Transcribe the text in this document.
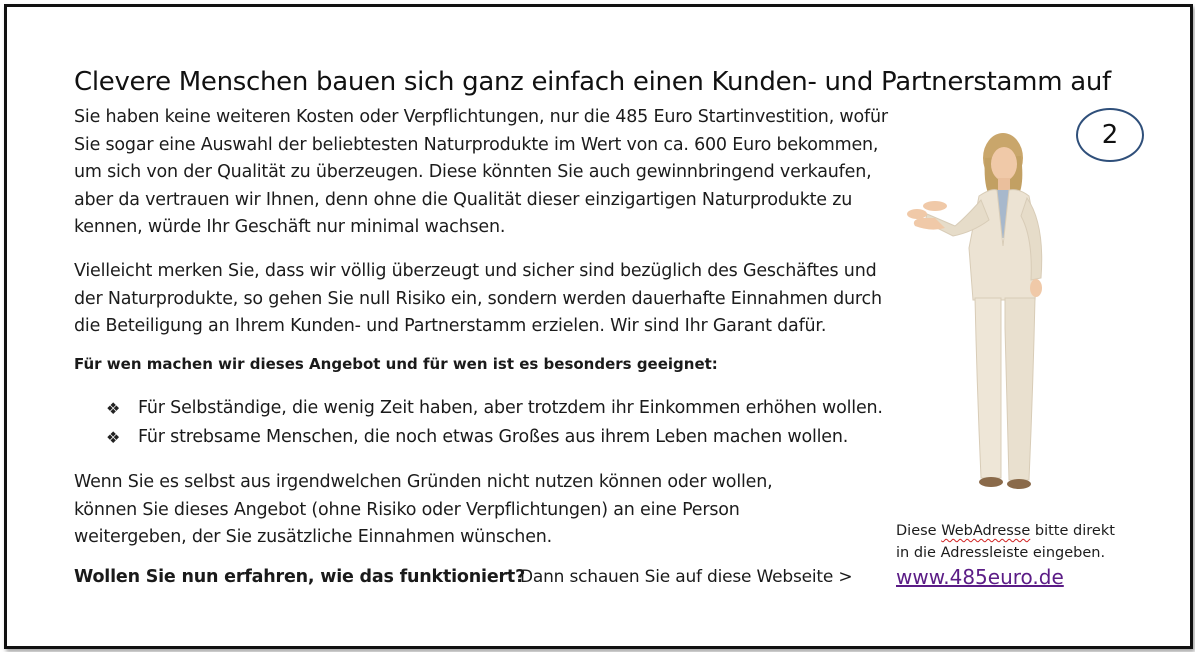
Clevere Menschen bauen sich ganz einfach einen Kunden- und Partnerstamm auf
Sie haben keine weiteren Kosten oder Verpflichtungen, nur die 485 Euro Startinvestition, wofür
Sie sogar eine Auswahl der beliebtesten Naturprodukte im Wert von ca. 600 Euro bekommen,
um sich von der Qualität zu überzeugen. Diese könnten Sie auch gewinnbringend verkaufen,
aber da vertrauen wir Ihnen, denn ohne die Qualität dieser einzigartigen Naturprodukte zu
kennen, würde Ihr Geschäft nur minimal wachsen.
Vielleicht merken Sie, dass wir völlig überzeugt und sicher sind bezüglich des Geschäftes und
der Naturprodukte, so gehen Sie null Risiko ein, sondern werden dauerhafte Einnahmen durch
die Beteiligung an Ihrem Kunden- und Partnerstamm erzielen. Wir sind Ihr Garant dafür.
Für wen machen wir dieses Angebot und für wen ist es besonders geeignet:
❖	Für Selbständige, die wenig Zeit haben, aber trotzdem ihr Einkommen erhöhen wollen.
❖	Für strebsame Menschen, die noch etwas Großes aus ihrem Leben machen wollen.
Wenn Sie es selbst aus irgendwelchen Gründen nicht nutzen können oder wollen,
können Sie dieses Angebot (ohne Risiko oder Verpflichtungen) an eine Person
weitergeben, der Sie zusätzliche Einnahmen wünschen.
Wollen Sie nun erfahren, wie das funktioniert?
Dann schauen Sie auf diese Webseite >
2
Diese WebAdresse bitte direkt
in die Adressleiste eingeben.
www.485euro.de
